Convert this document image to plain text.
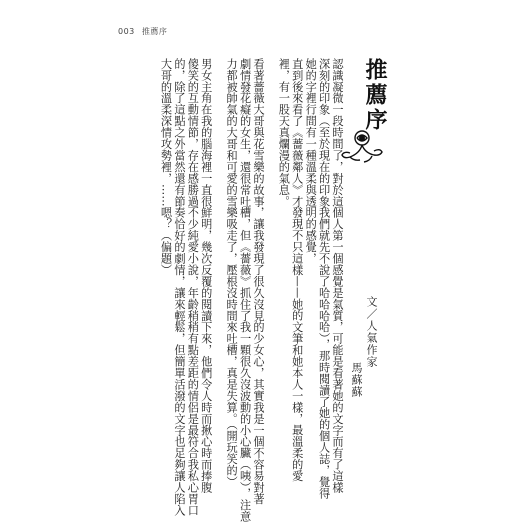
003 推薦序
推薦序
認識凝微一段時間了，對於這個人第一個感覺是氣質，可能是看著她的文字而有了這樣
深刻的印象（至於現在的印象我們就先不說了哈哈哈哈），那時閱讀了她的個人誌，覺得
她的字裡行間有一種溫柔與透明的感覺，
直到後來看了《薔薇鄰人》才發現不只這樣——她的文筆和她本人一樣，最溫柔的愛
裡，有一股天真爛漫的氣息。
看著薔薇大哥與花雪樂的故事，讓我發現了很久沒見的少女心，其實我是一個不容易對著
劇情發花癡的女生，還很常吐槽，但《薔薇》抓住了我一顆很久沒波動的小心臟（咦），注意
力都被帥氣的大哥和可愛的雪樂吸走了，壓根沒時間來吐槽，真是失算。（開玩笑的）
男女主角在我的腦海裡一直很鮮明，幾次反覆的閱讀下來，他們令人時而揪心時而捧腹
傻笑的互動情節，存在感勝過不少純愛小說，年齡稍稍有點差距的情侶是最符合我私心胃口
的，除了這點之外當然還有節奏恰好的劇情，讓來輕鬆，但簡單活潑的文字也足夠讓人陷入
大哥的溫柔深情攻勢裡，……嗯？（偏題）
文／人氣作家
馬蘇蘇
